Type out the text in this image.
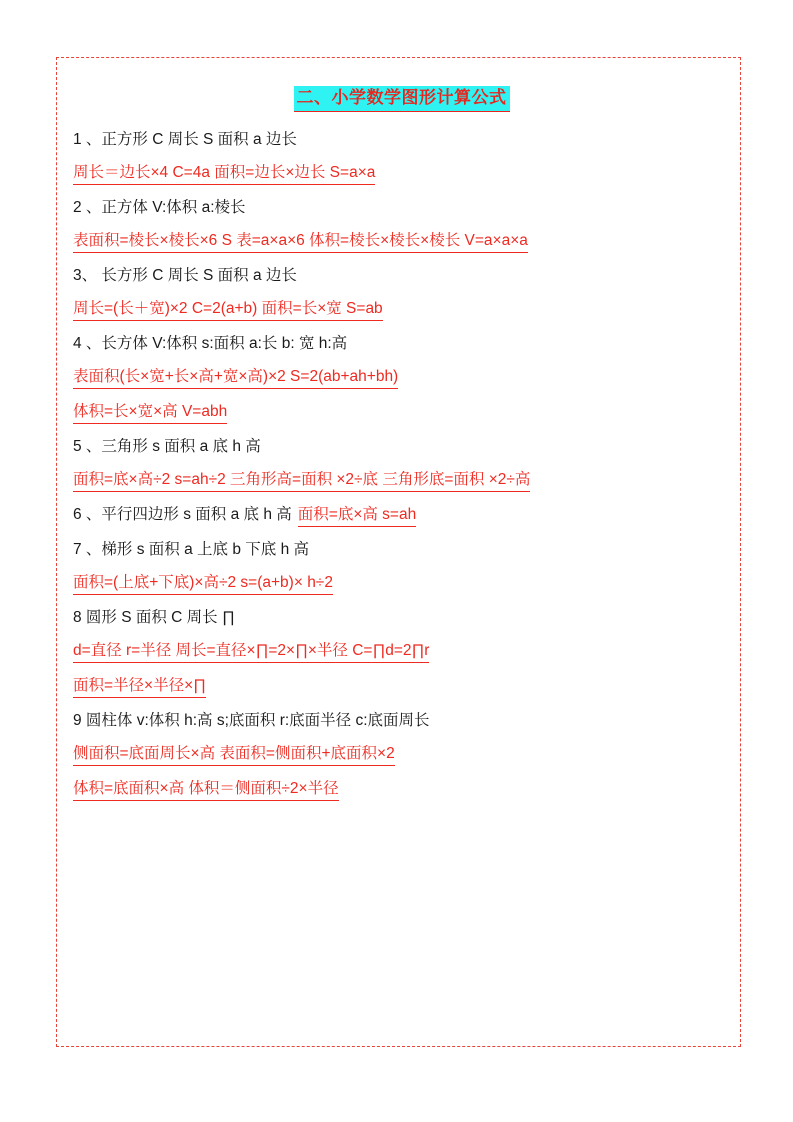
二、小学数学图形计算公式

1 、正方形 C 周长 S 面积 a 边长

周长＝边长×4 C=4a 面积=边长×边长 S=a×a

2 、正方体 V:体积 a:棱长

表面积=棱长×棱长×6 S 表=a×a×6 体积=棱长×棱长×棱长 V=a×a×a

3、 长方形 C 周长 S 面积 a 边长

周长=(长＋宽)×2 C=2(a+b) 面积=长×宽 S=ab

4 、长方体 V:体积 s:面积 a:长 b: 宽 h:高

表面积(长×宽+长×高+宽×高)×2 S=2(ab+ah+bh)

体积=长×宽×高 V=abh

5 、三角形 s 面积 a 底 h 高

面积=底×高÷2 s=ah÷2 三角形高=面积 ×2÷底 三角形底=面积 ×2÷高

6 、平行四边形 s 面积 a 底 h 高 面积=底×高 s=ah

7 、梯形 s 面积 a 上底 b 下底 h 高

面积=(上底+下底)×高÷2 s=(a+b)× h÷2

8 圆形 S 面积 C 周长 ∏

d=直径 r=半径 周长=直径×∏=2×∏×半径 C=∏d=2∏r

面积=半径×半径×∏

9 圆柱体 v:体积 h:高 s;底面积 r:底面半径 c:底面周长

侧面积=底面周长×高 表面积=侧面积+底面积×2

体积=底面积×高 体积＝侧面积÷2×半径
